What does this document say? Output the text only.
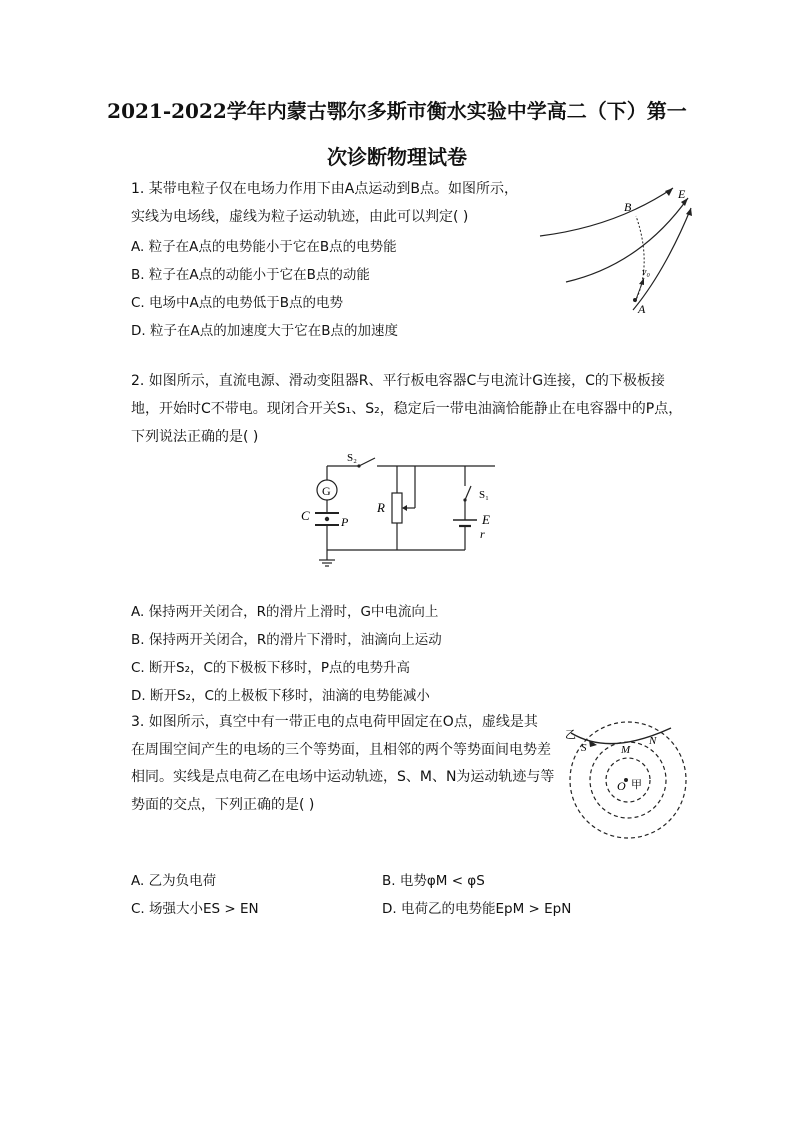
2021-2022学年内蒙古鄂尔多斯市衡水实验中学高二（下）第一
次诊断物理试卷
1. 某带电粒子仅在电场力作用下由A点运动到B点。如图所示，
实线为电场线，虚线为粒子运动轨迹，由此可以判定( )
A. 粒子在A点的电势能小于它在B点的电势能
B. 粒子在A点的动能小于它在B点的动能
C. 电场中A点的电势低于B点的电势
D. 粒子在A点的加速度大于它在B点的加速度
B
E
A
v₀
2. 如图所示，直流电源、滑动变阻器R、平行板电容器C与电流计G连接，C的下极板接
地，开始时C不带电。现闭合开关S₁、S₂，稳定后一带电油滴恰能静止在电容器中的P点，
下列说法正确的是( )
S₂
G
C	P
R
S₁
E
r
A. 保持两开关闭合，R的滑片上滑时，G中电流向上
B. 保持两开关闭合，R的滑片下滑时，油滴向上运动
C. 断开S₂，C的下极板下移时，P点的电势升高
D. 断开S₂，C的上极板下移时，油滴的电势能减小
3. 如图所示，真空中有一带正电的点电荷甲固定在O点，虚线是其
在周围空间产生的电场的三个等势面，且相邻的两个等势面间电势差
相同。实线是点电荷乙在电场中运动轨迹，S、M、N为运动轨迹与等
势面的交点，下列正确的是( )
乙
S	M
N
O 甲
A. 乙为负电荷	B. 电势φM < φS
C. 场强大小ES > EN	D. 电荷乙的电势能EpM > EpN
